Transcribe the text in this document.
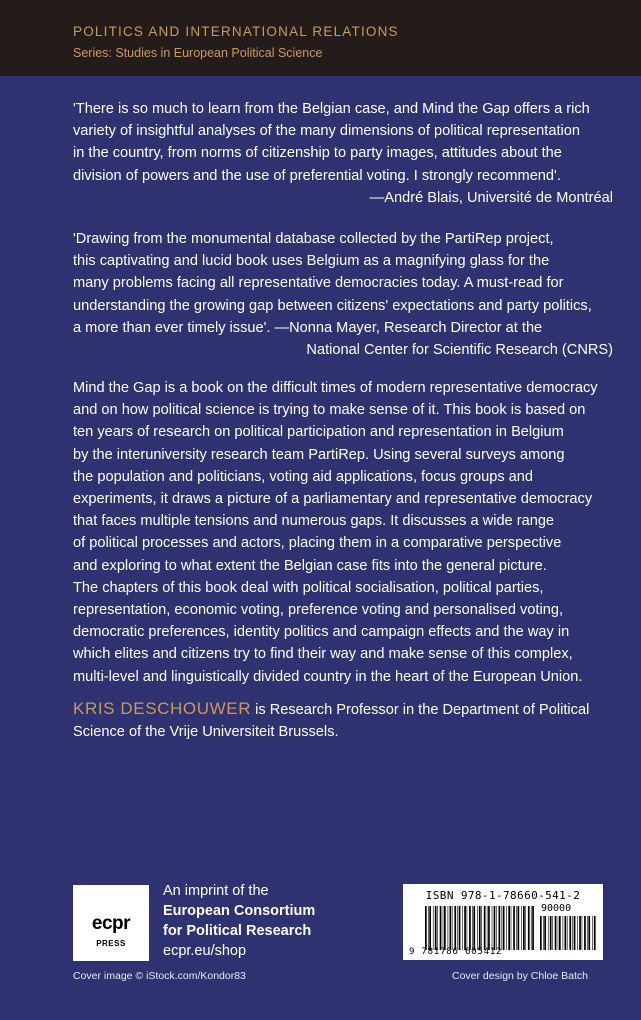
POLITICS AND INTERNATIONAL RELATIONS
Series: Studies in European Political Science
'There is so much to learn from the Belgian case, and Mind the Gap offers a rich
variety of insightful analyses of the many dimensions of political representation
in the country, from norms of citizenship to party images, attitudes about the
division of powers and the use of preferential voting. I strongly recommend'.
—André Blais, Université de Montréal
'Drawing from the monumental database collected by the PartiRep project,
this captivating and lucid book uses Belgium as a magnifying glass for the
many problems facing all representative democracies today. A must-read for
understanding the growing gap between citizens' expectations and party politics,
a more than ever timely issue'. —Nonna Mayer, Research Director at the
National Center for Scientific Research (CNRS)
Mind the Gap is a book on the difficult times of modern representative democracy
and on how political science is trying to make sense of it. This book is based on
ten years of research on political participation and representation in Belgium
by the interuniversity research team PartiRep. Using several surveys among
the population and politicians, voting aid applications, focus groups and
experiments, it draws a picture of a parliamentary and representative democracy
that faces multiple tensions and numerous gaps. It discusses a wide range
of political processes and actors, placing them in a comparative perspective
and exploring to what extent the Belgian case fits into the general picture.
The chapters of this book deal with political socialisation, political parties,
representation, economic voting, preference voting and personalised voting,
democratic preferences, identity politics and campaign effects and the way in
which elites and citizens try to find their way and make sense of this complex,
multi-level and linguistically divided country in the heart of the European Union.
KRIS DESCHOUWER is Research Professor in the Department of Political
Science of the Vrije Universiteit Brussels.
ecpr
PRESS
An imprint of the
European Consortium
for Political Research
ecpr.eu/shop
ISBN 978-1-78660-541-2
90000
9 781786 605412
Cover image © iStock.com/Kondor83	Cover design by Chloe Batch
